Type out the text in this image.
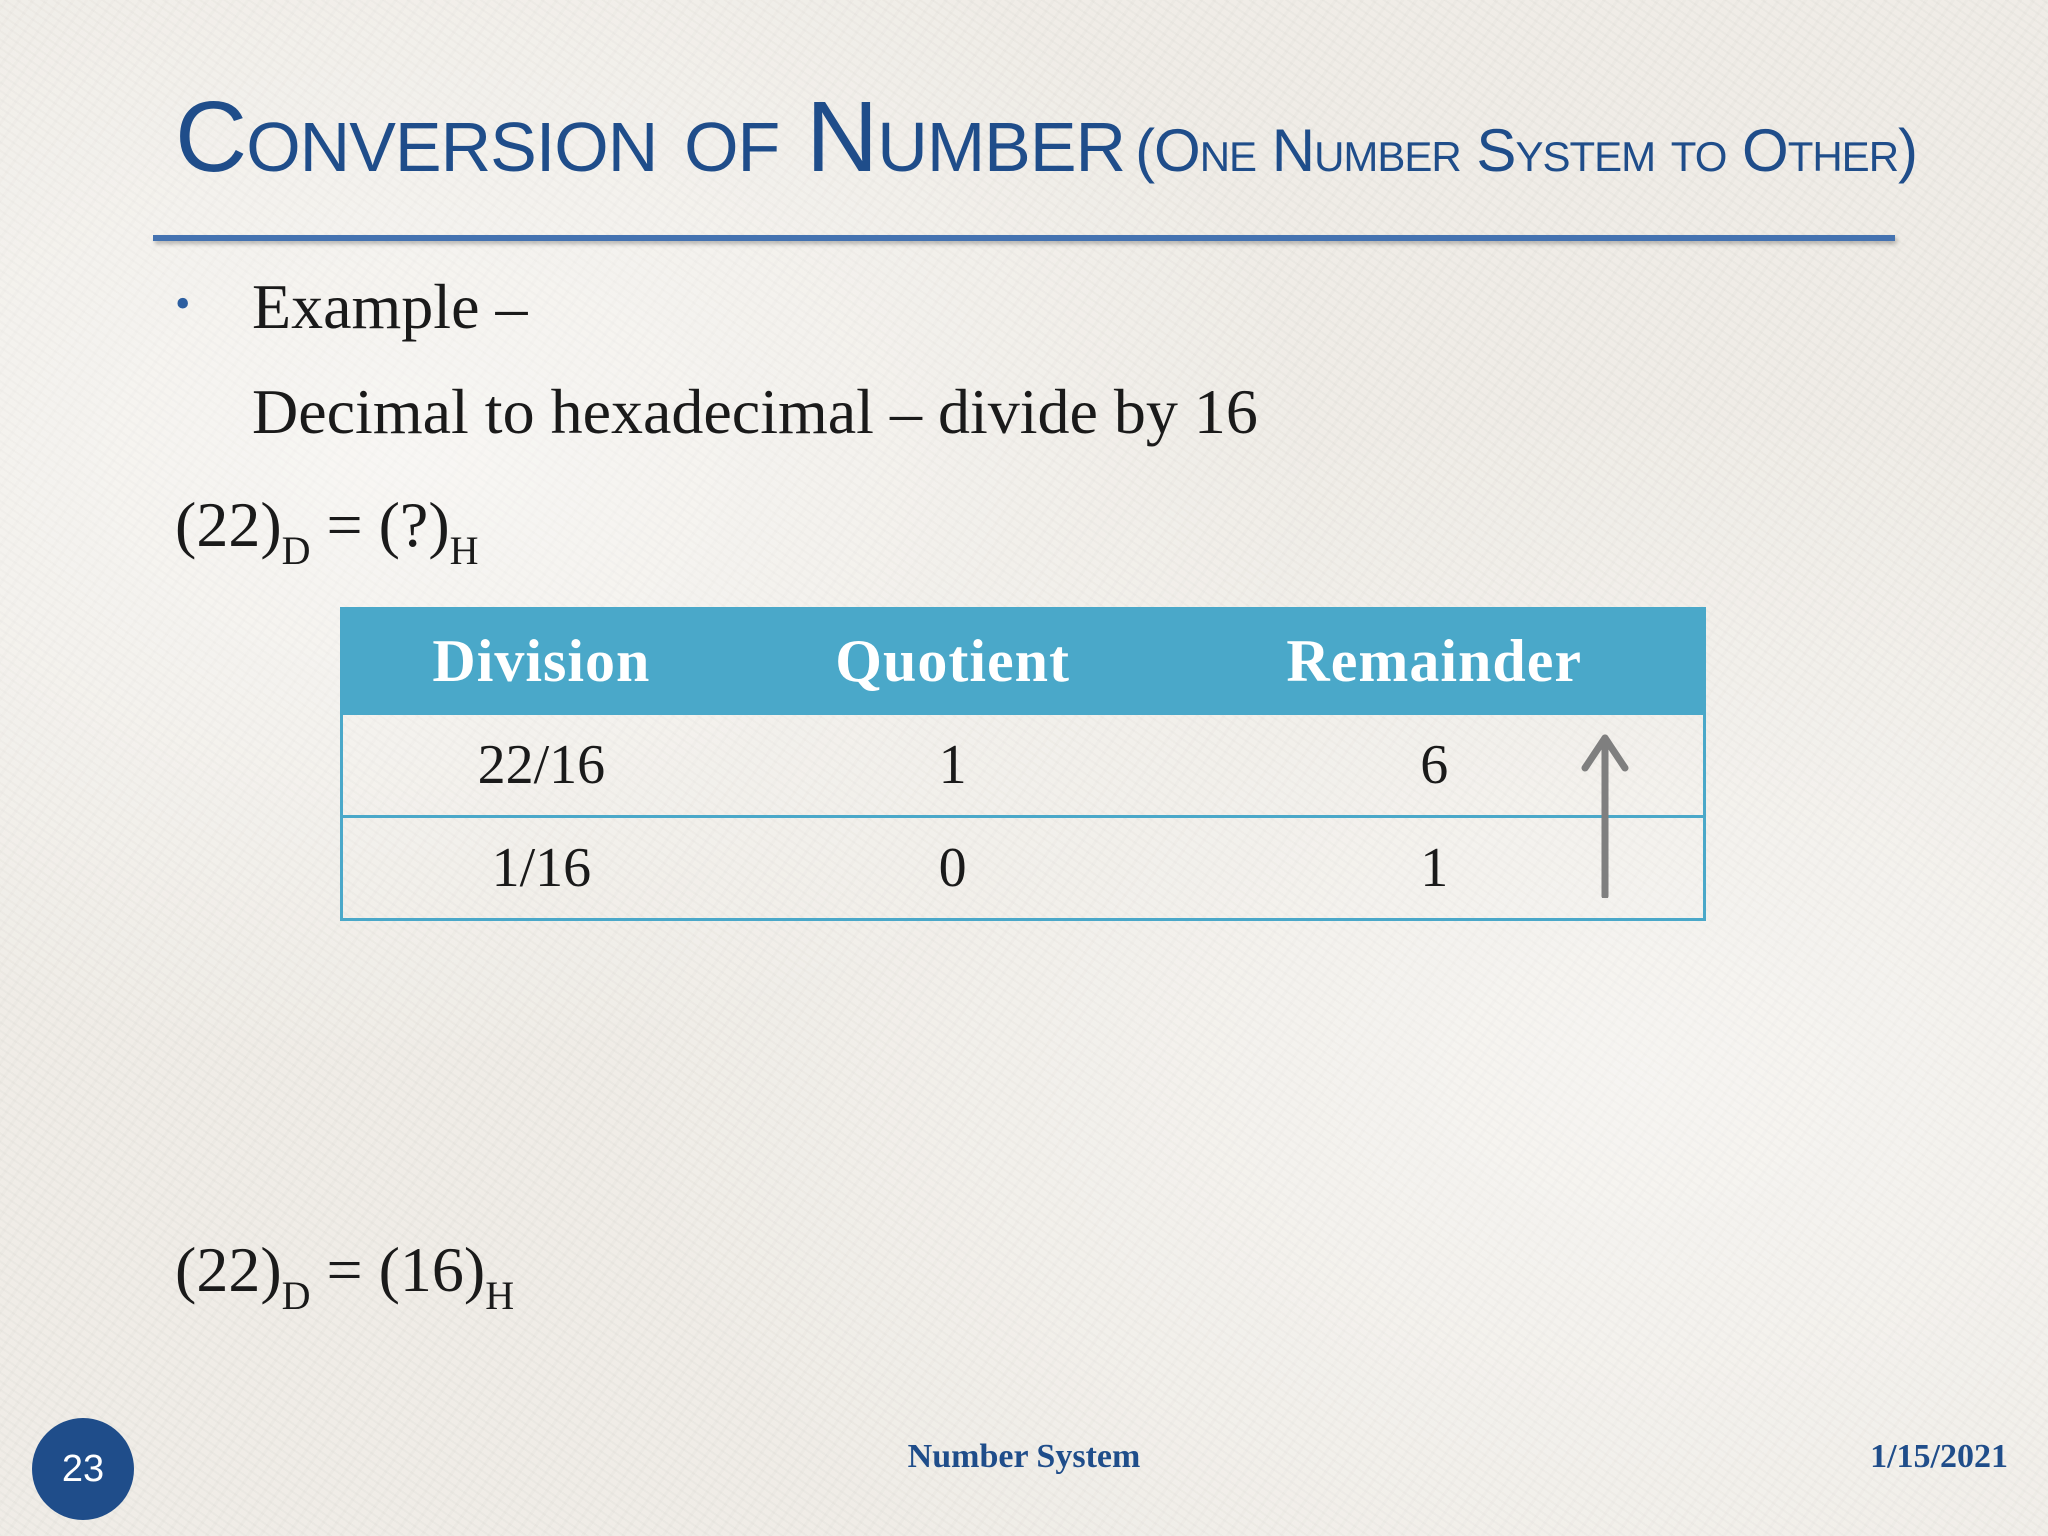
Conversion of Number (One Number System to Other)
• Example –
Decimal to hexadecimal – divide by 16
$(22)_D$ = $(?)_H$
Division	Quotient	Remainder
22/16	1	6
1/16	0	1
$(22)_D = (16)_H$
23	Number System	1/15/2021
